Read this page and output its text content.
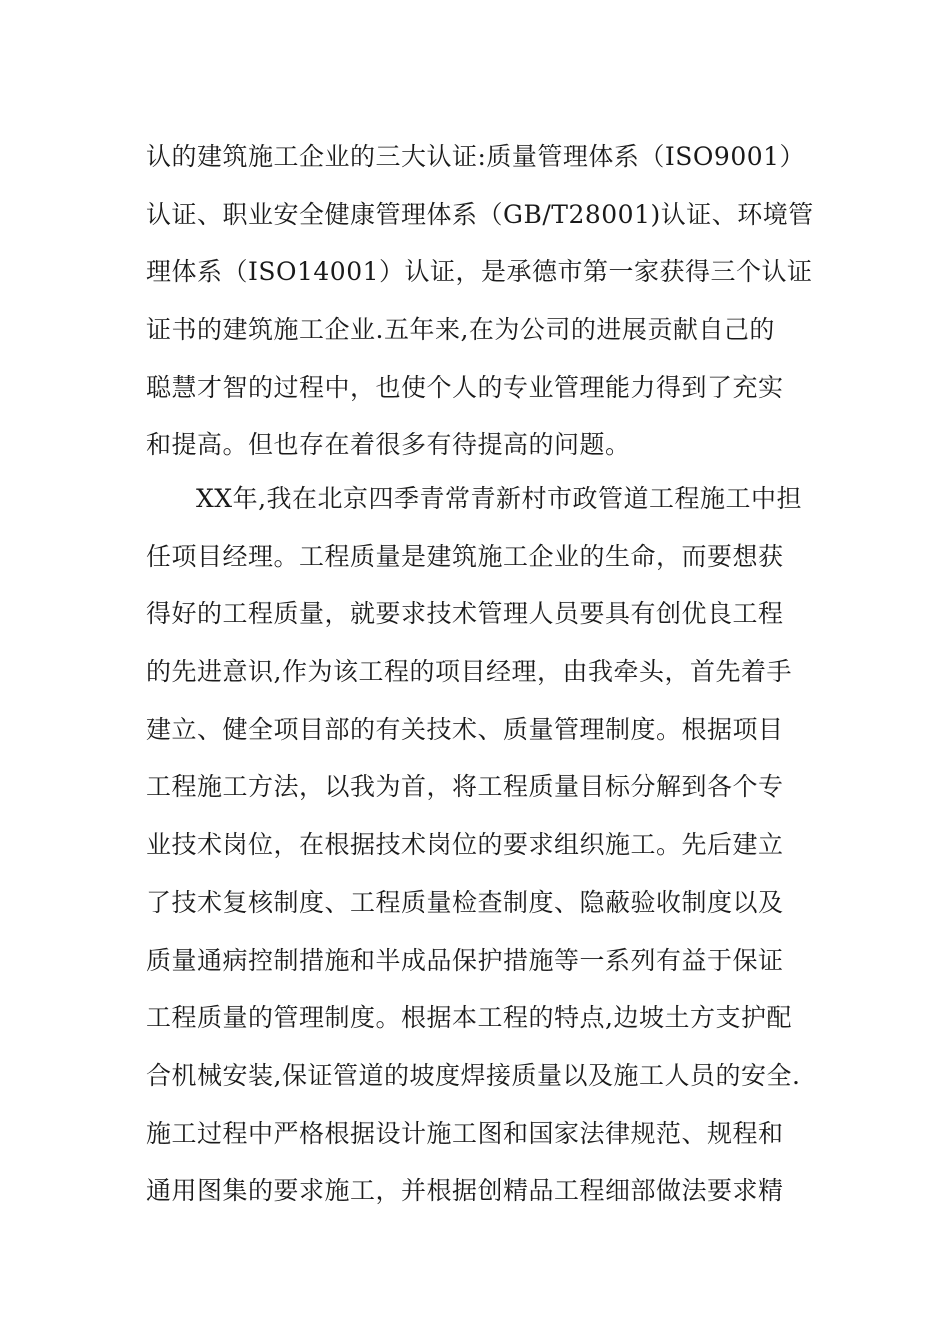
认的建筑施工企业的三大认证:质量管理体系（ISO9001）
认证、职业安全健康管理体系（GB/T28001)认证、环境管
理体系（ISO14001）认证，是承德市第一家获得三个认证
证书的建筑施工企业.五年来,在为公司的进展贡献自己的
聪慧才智的过程中，也使个人的专业管理能力得到了充实
和提高。但也存在着很多有待提高的问题。
XX年,我在北京四季青常青新村市政管道工程施工中担
任项目经理。工程质量是建筑施工企业的生命，而要想获
得好的工程质量，就要求技术管理人员要具有创优良工程
的先进意识,作为该工程的项目经理，由我牵头，首先着手
建立、健全项目部的有关技术、质量管理制度。根据项目
工程施工方法，以我为首，将工程质量目标分解到各个专
业技术岗位，在根据技术岗位的要求组织施工。先后建立
了技术复核制度、工程质量检查制度、隐蔽验收制度以及
质量通病控制措施和半成品保护措施等一系列有益于保证
工程质量的管理制度。根据本工程的特点,边坡土方支护配
合机械安装,保证管道的坡度焊接质量以及施工人员的安全.
施工过程中严格根据设计施工图和国家法律规范、规程和
通用图集的要求施工，并根据创精品工程细部做法要求精
